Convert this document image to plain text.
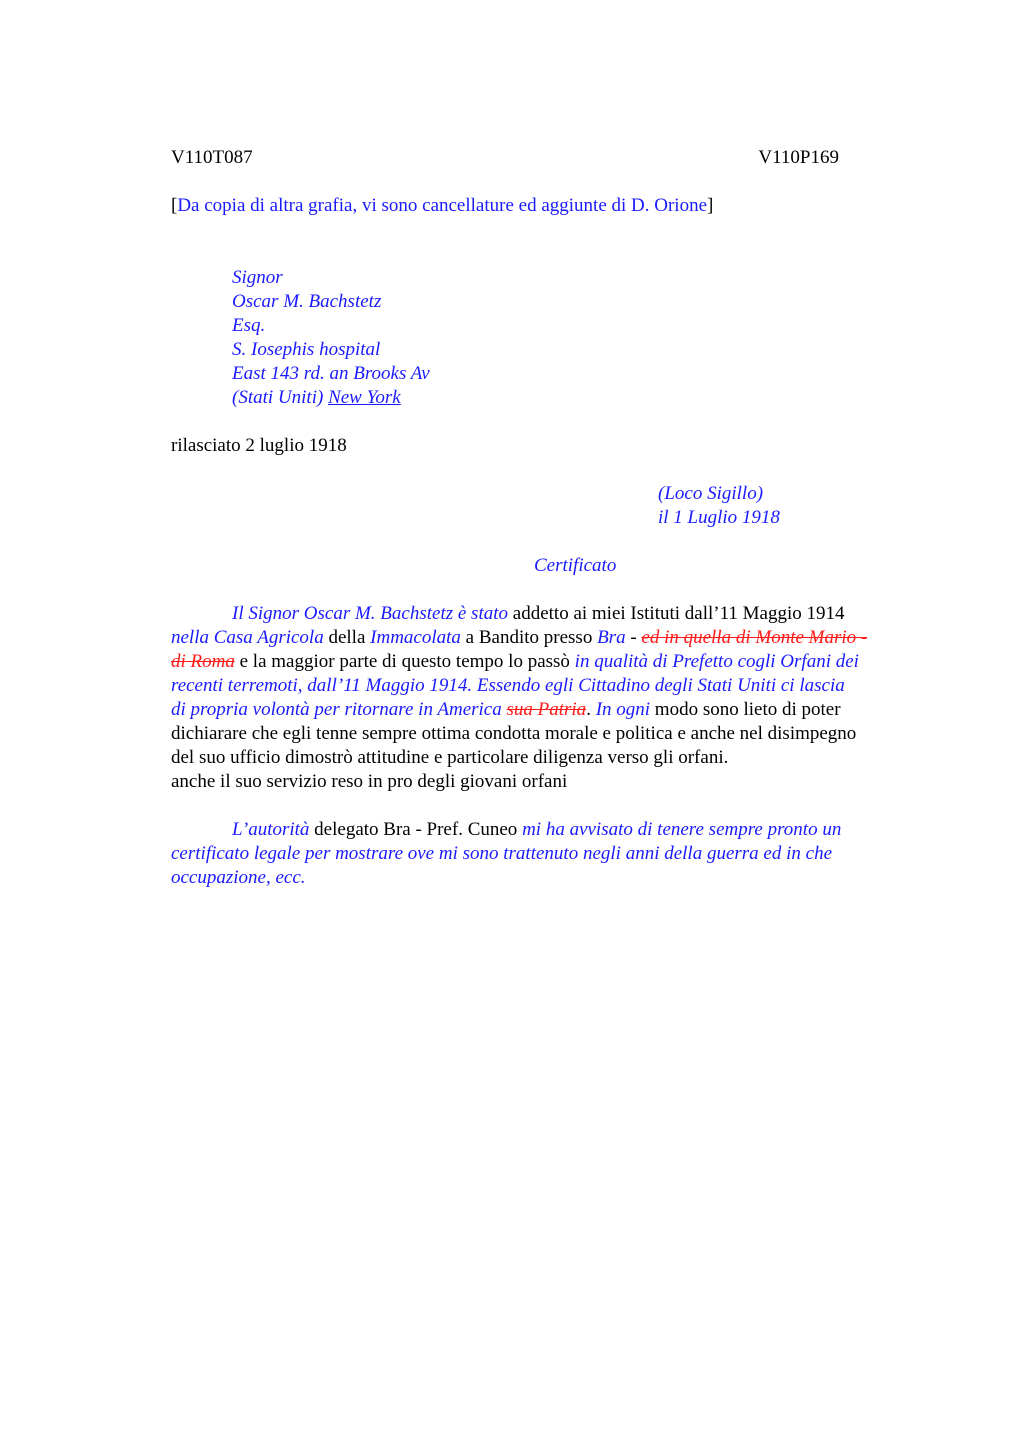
V110T087	V110P169
[Da copia di altra grafia, vi sono cancellature ed aggiunte di D. Orione]
Signor
Oscar M. Bachstetz
Esq.
S. Iosephis hospital
East 143 rd. an Brooks Av
(Stati Uniti) New York
rilasciato 2 luglio 1918
(Loco Sigillo)
il 1 Luglio 1918
Certificato
Il Signor Oscar M. Bachstetz è stato addetto ai miei Istituti dall’11 Maggio 1914
nella Casa Agricola della Immacolata a Bandito presso Bra - ed in quella di Monte Mario -
di Roma e la maggior parte di questo tempo lo passò in qualità di Prefetto cogli Orfani dei
recenti terremoti, dall’11 Maggio 1914. Essendo egli Cittadino degli Stati Uniti ci lascia
di propria volontà per ritornare in America sua Patria. In ogni modo sono lieto di poter
dichiarare che egli tenne sempre ottima condotta morale e politica e anche nel disimpegno
del suo ufficio dimostrò attitudine e particolare diligenza verso gli orfani.
anche il suo servizio reso in pro degli giovani orfani
L’autorità delegato Bra - Pref. Cuneo mi ha avvisato di tenere sempre pronto un
certificato legale per mostrare ove mi sono trattenuto negli anni della guerra ed in che
occupazione, ecc.
